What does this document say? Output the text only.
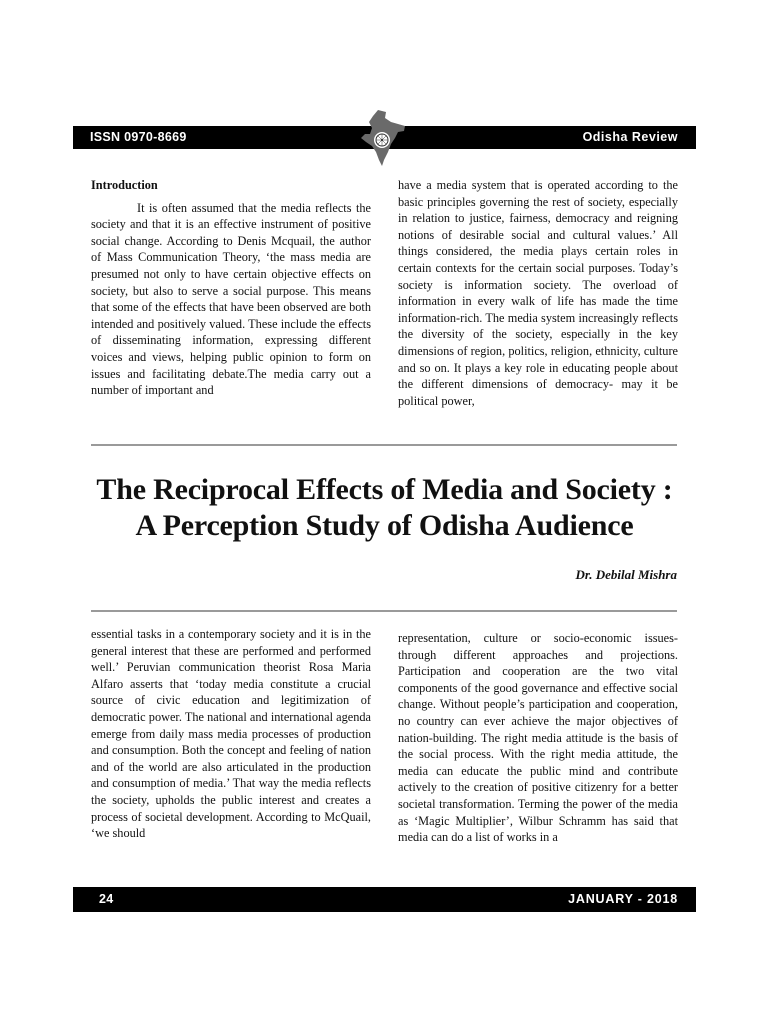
ISSN 0970-8669	Odisha Review

Introduction

It is often assumed that the media reflects the society and that it is an effective instrument of positive social change. According to Denis Mcquail, the author of Mass Communication Theory, ‘the mass media are presumed not only to have certain objective effects on society, but also to serve a social purpose. This means that some of the effects that have been observed are both intended and positively valued. These include the effects of disseminating information, expressing different voices and views, helping public opinion to form on issues and facilitating debate.The media carry out a number of important and

have a media system that is operated according to the basic principles governing the rest of society, especially in relation to justice, fairness, democracy and reigning notions of desirable social and cultural values.’ All things considered, the media plays certain roles in certain contexts for the certain social purposes. Today’s society is information society. The overload of information in every walk of life has made the time information-rich. The media system increasingly reflects the diversity of the society, especially in the key dimensions of region, politics, religion, ethnicity, culture and so on. It plays a key role in educating people about the different dimensions of democracy- may it be political power,

The Reciprocal Effects of Media and Society :
A Perception Study of Odisha Audience
Dr. Debilal Mishra

essential tasks in a contemporary society and it is in the general interest that these are performed and performed well.’ Peruvian communication theorist Rosa Maria Alfaro asserts that ‘today media constitute a crucial source of civic education and legitimization of democratic power. The national and international agenda emerge from daily mass media processes of production and consumption. Both the concept and feeling of nation and of the world are also articulated in the production and consumption of media.’ That way the media reflects the society, upholds the public interest and creates a process of societal development. According to McQuail, ‘we should

representation, culture or socio-economic issues- through different approaches and projections. Participation and cooperation are the two vital components of the good governance and effective social change. Without people’s participation and cooperation, no country can ever achieve the major objectives of nation-building. The right media attitude is the basis of the social process. With the right media attitude, the media can educate the public mind and contribute actively to the creation of positive citizenry for a better societal transformation. Terming the power of the media as ‘Magic Multiplier’, Wilbur Schramm has said that media can do a list of works in a

24	JANUARY - 2018
